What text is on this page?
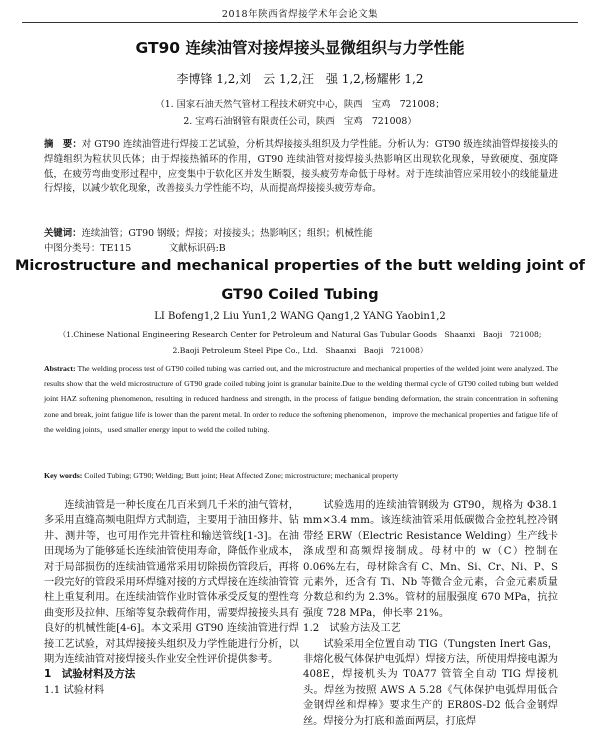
2018年陕西省焊接学术年会论文集
GT90 连续油管对接焊接头显微组织与力学性能
李博锋 1,2,刘　云 1,2,汪　强 1,2,杨耀彬 1,2
（1. 国家石油天然气管材工程技术研究中心，陕西　宝鸡　721008；
2. 宝鸡石油钢管有限责任公司，陕西　宝鸡　721008）
摘　要：对 GT90 连续油管进行焊接工艺试验，分析其焊接接头组织及力学性能。分析认为：GT90 级连续油管焊接接头的焊缝组织为粒状贝氏体；由于焊接热循环的作用，GT90 连续油管对接焊接头热影响区出现软化现象，导致硬度、强度降低，在疲劳弯曲变形过程中，应变集中于软化区并发生断裂，接头疲劳寿命低于母材。对于连续油管应采用较小的线能量进行焊接，以减少软化现象，改善接头力学性能不均，从而提高焊接接头疲劳寿命。
关键词：连续油管；GT90 钢级；焊接；对接接头；热影响区；组织；机械性能
中图分类号：TE115　　　　文献标识码:B
Microstructure and mechanical properties of the butt welding joint of
GT90 Coiled Tubing
LI Bofeng1,2 Liu Yun1,2 WANG Qang1,2 YANG Yaobin1,2
（1.Chinese National Engineering Research Center for Petroleum and Natural Gas Tubular Goods　Shaanxi　Baoji　721008;
2.Baoji Petroleum Steel Pipe Co., Ltd.　Shaanxi　Baoji　721008）
Abstract: The welding process test of GT90 coiled tubing was carried out, and the microstructure and mechanical properties of the welded joint were analyzed. The results show that the weld microstructure of GT90 grade coiled tubing joint is granular bainite.Due to the welding thermal cycle of GT90 coiled tubing butt welded joint HAZ softening phenomenon, resulting in reduced hardness and strength, in the process of fatigue bending deformation, the strain concentration in softening zone and break, joint fatigue life is lower than the parent metal. In order to reduce the softening phenomenon，improve the mechanical properties and fatigue life of the welding joints，used smaller energy input to weld the coiled tubing.
Key words: Coiled Tubing; GT90; Welding; Butt joint; Heat Affected Zone; microstructure; mechanical property

连续油管是一种长度在几百米到几千米的油气管材，多采用直缝高频电阻焊方式制造，主要用于油田修井、钻井、测井等，也可用作完井管柱和输送管线[1-3]。在油田现场为了能够延长连续油管使用寿命，降低作业成本，对于局部损伤的连续油管通常采用切除损伤管段后，再将一段完好的管段采用环焊缝对接的方式焊接在连续油管管柱上重复利用。在连续油管作业时管体承受反复的塑性弯曲变形及拉伸、压缩等复杂载荷作用，需要焊接接头具有良好的机械性能[4-6]。本文采用 GT90 连续油管进行焊接工艺试验，对其焊接接头组织及力学性能进行分析，以期为连续油管对接焊接头作业安全性评价提供参考。

1　试验材料及方法
1.1 试验材料

试验选用的连续油管钢级为 GT90，规格为 Φ38.1 mm×3.4 mm。该连续油管采用低碳微合金控轧控冷钢带经 ERW（Electric Resistance Welding）生产线卡涤成型和高频焊接制成。母材中的 w（C）控制在 0.06%左右，母材除含有 C、Mn、Si、Cr、Ni、P、S 元素外，还含有 Ti、Nb 等微合金元素，合金元素质量分数总和约为 2.3%。管材的屈服强度 670 MPa，抗拉强度 728 MPa，伸长率 21%。

1.2　试验方法及工艺

试验采用全位置自动 TIG（Tungsten Inert Gas，非熔化极气体保护电弧焊）焊接方法，所使用焊接电源为 408E，焊接机头为 T0A77 管管全自动 TIG 焊接机头。焊丝为按照 AWS A 5.28《气体保护电弧焊用低合金钢焊丝和焊棒》要求生产的 ER80S-D2 低合金钢焊丝。焊接分为打底和盖面两层，打底焊
